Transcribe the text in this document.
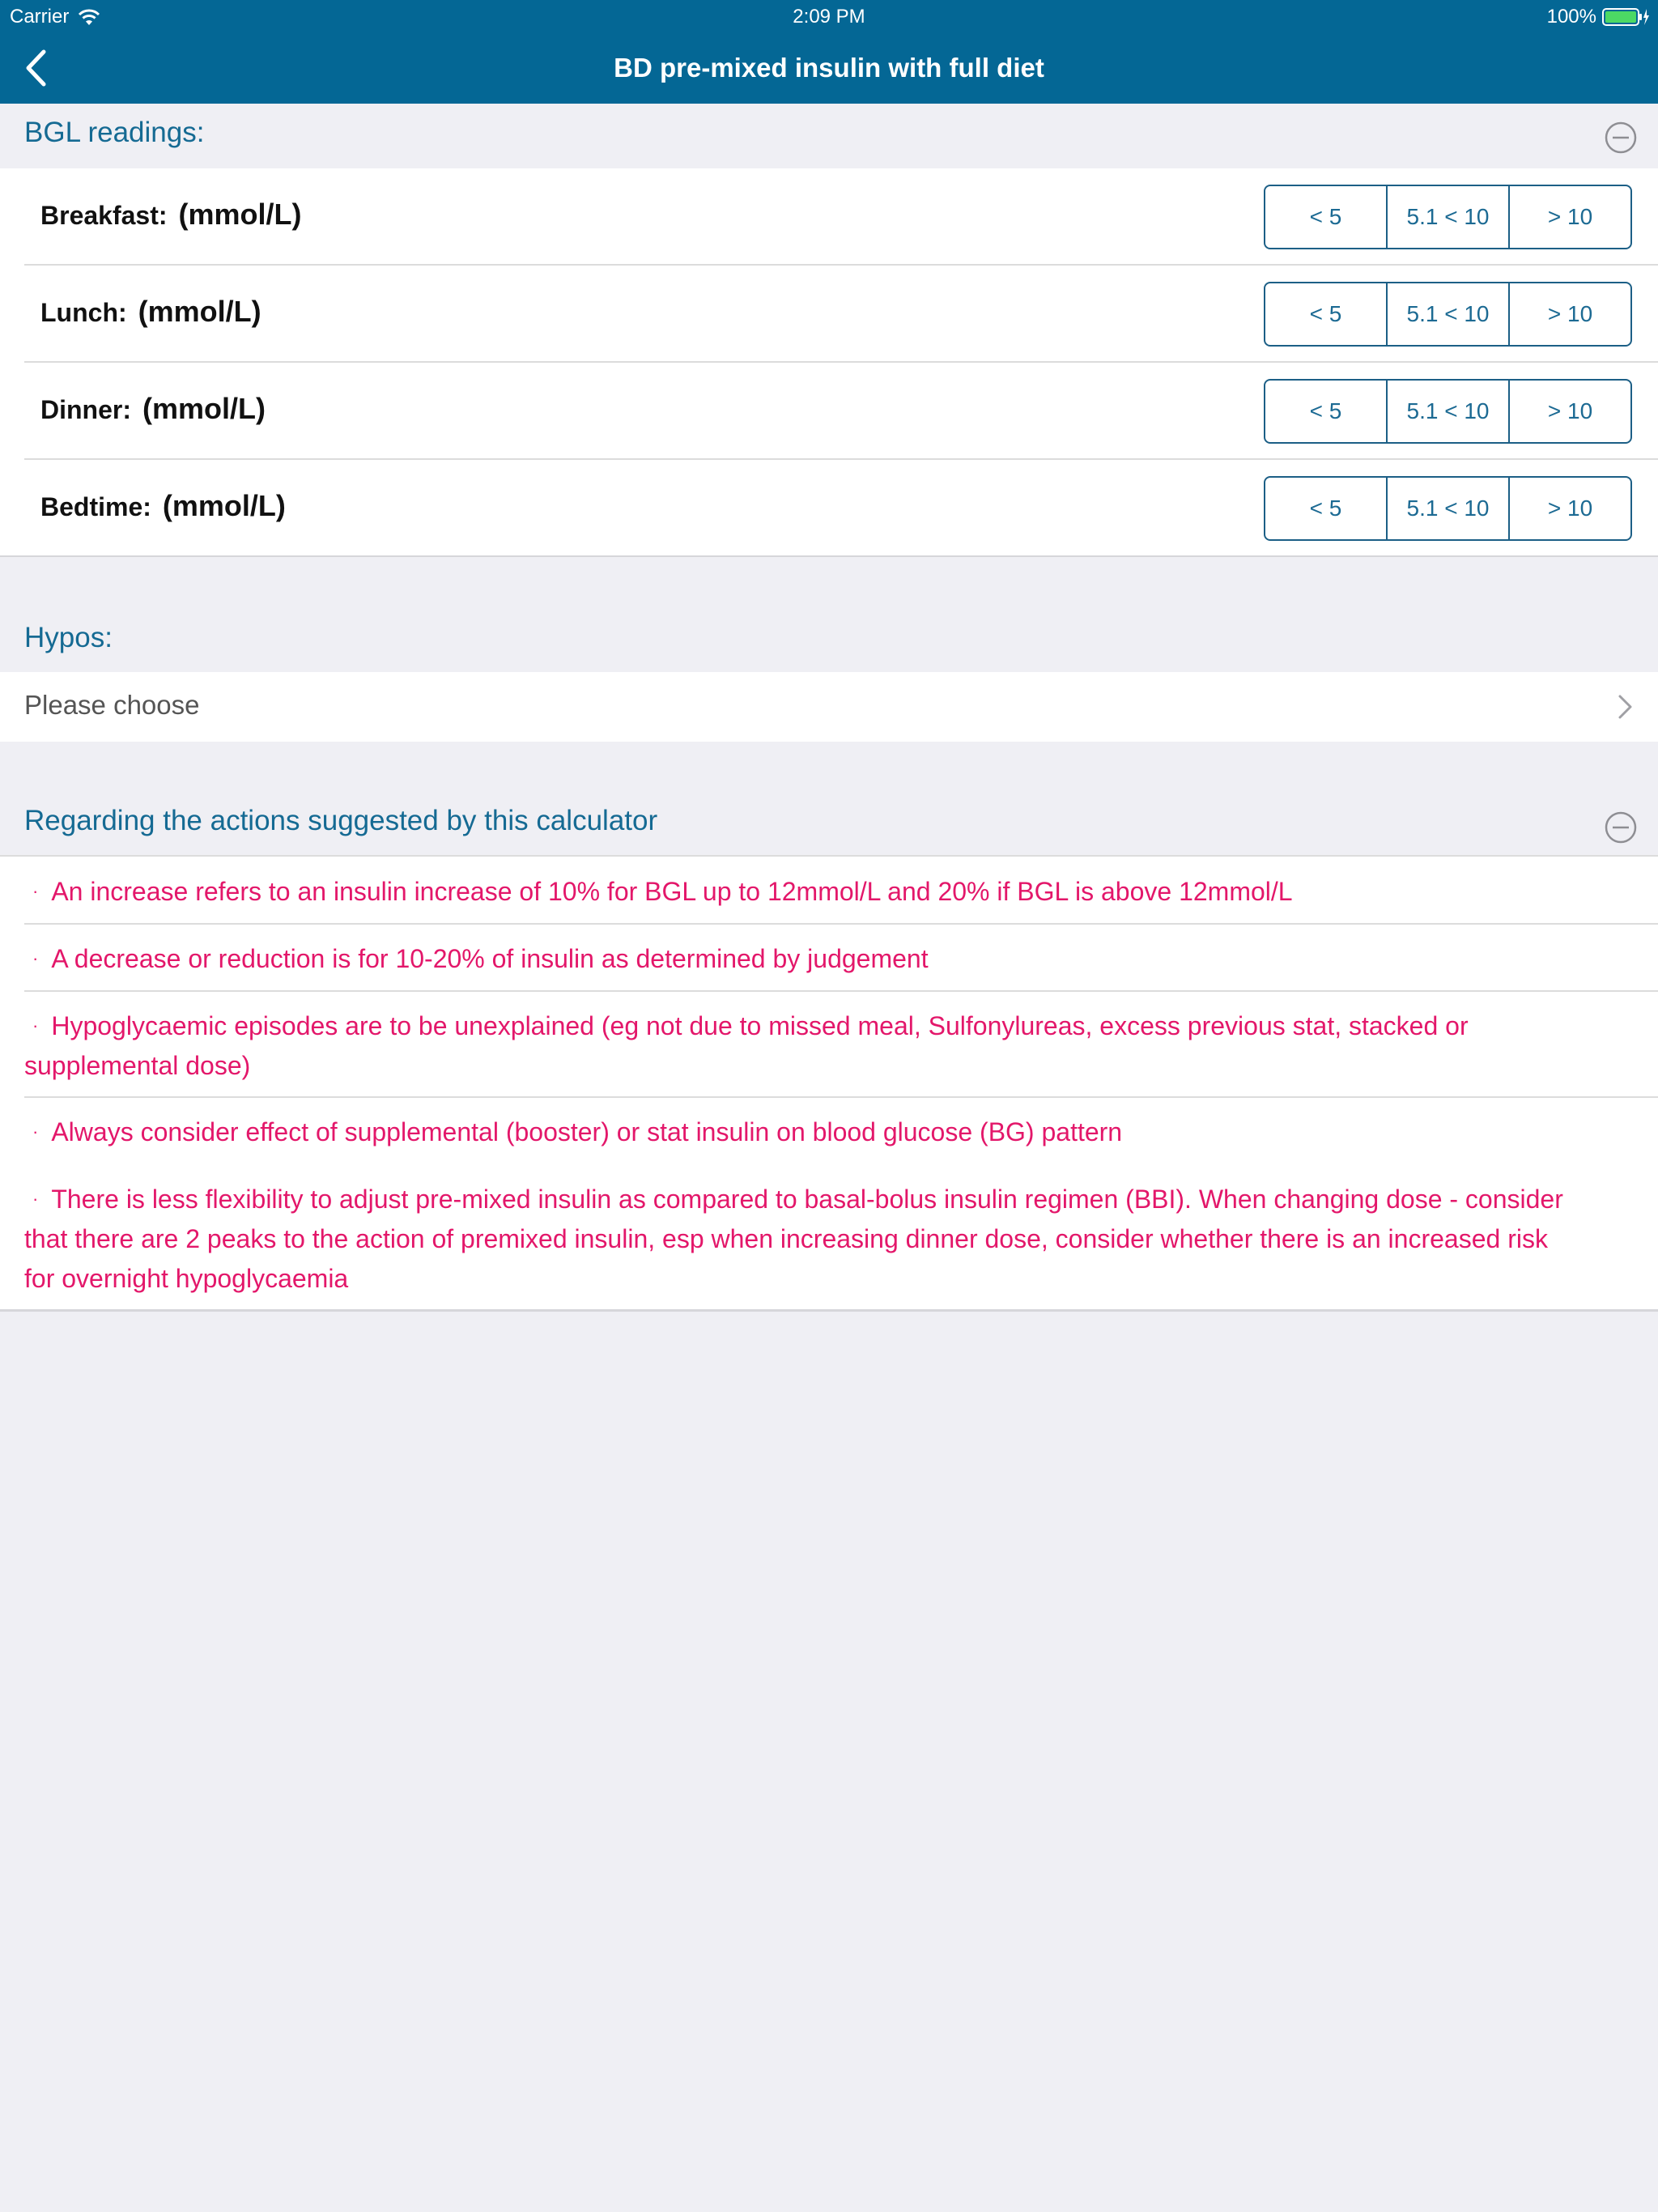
Carrier	2:09 PM	100%
BD pre-mixed insulin with full diet
BGL readings:
Breakfast: (mmol/L)	< 5	5.1 < 10	> 10
Lunch: (mmol/L)	< 5	5.1 < 10	> 10
Dinner: (mmol/L)	< 5	5.1 < 10	> 10
Bedtime: (mmol/L)	< 5	5.1 < 10	> 10
Hypos:
Please choose
Regarding the actions suggested by this calculator
· An increase refers to an insulin increase of 10% for BGL up to 12mmol/L and 20% if BGL is above 12mmol/L
· A decrease or reduction is for 10-20% of insulin as determined by judgement
· Hypoglycaemic episodes are to be unexplained (eg not due to missed meal, Sulfonylureas, excess previous stat, stacked or supplemental dose)
· Always consider effect of supplemental (booster) or stat insulin on blood glucose (BG) pattern
· There is less flexibility to adjust pre-mixed insulin as compared to basal-bolus insulin regimen (BBI). When changing dose - consider that there are 2 peaks to the action of premixed insulin, esp when increasing dinner dose, consider whether there is an increased risk for overnight hypoglycaemia
